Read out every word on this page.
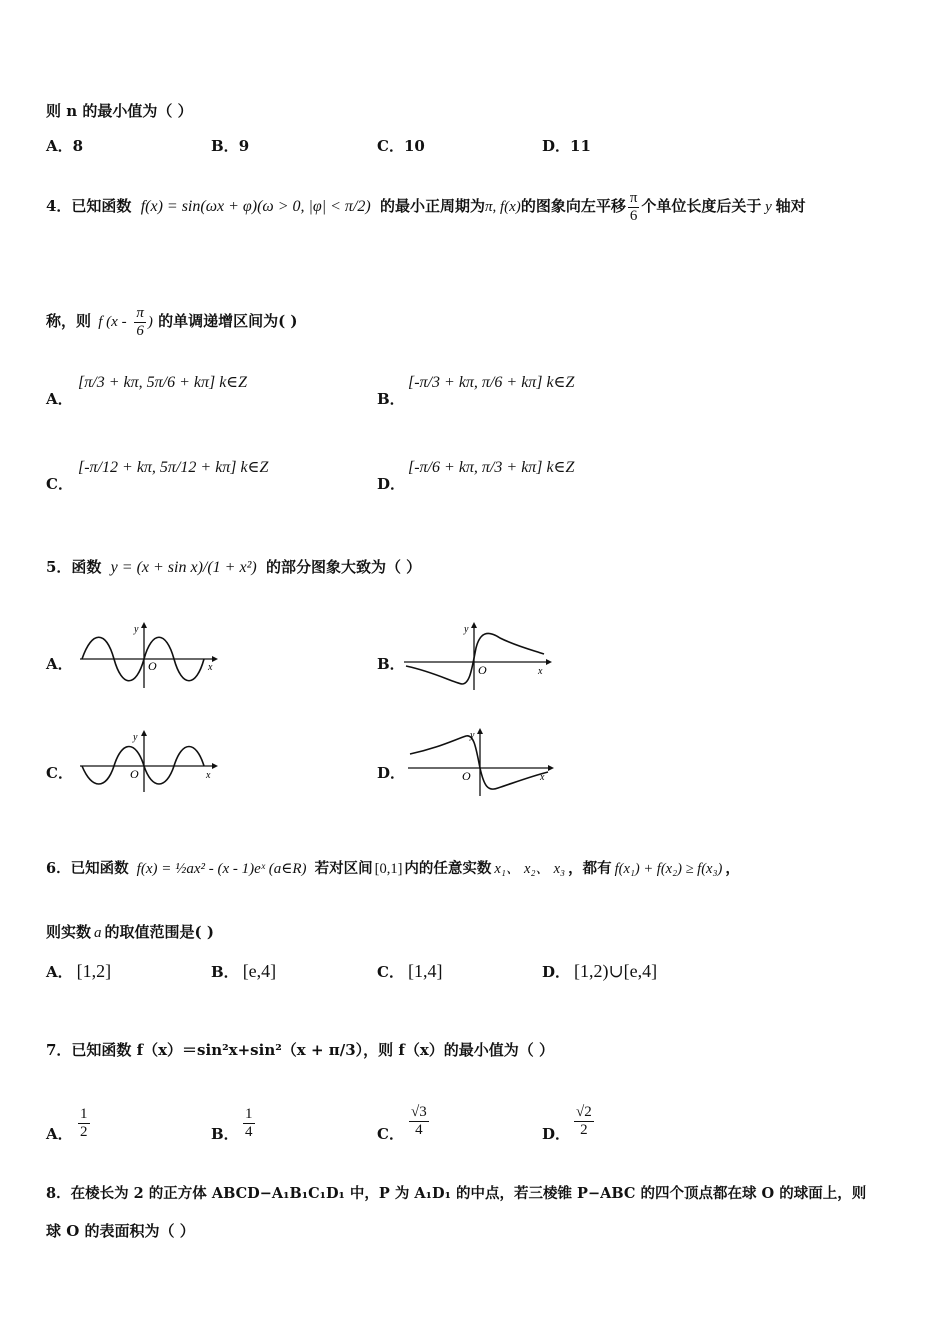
则 n 的最小值为（ ）
A．8	B．9	C．10	D．11
4．已知函数 f(x) = sin(ωx + φ)(ω > 0, |φ| < π/2) 的最小正周期为π, f(x)的图象向左平移 $\frac{\pi}{6}$ 个单位长度后关于 y 轴对
称，则 f ($x - \frac{\pi}{6}$ ) 的单调递增区间为( )
A．
[π/3 + kπ, 5π/6 + kπ] k∈Z
B．
[-π/3 + kπ, π/6 + kπ] k∈Z
C．
[-π/12 + kπ, 5π/12 + kπ] k∈Z
D．
[-π/6 + kπ, π/3 + kπ] k∈Z
5．函数 y = (x + sin x)/(1 + x²) 的部分图象大致为（ ）
A．
y
O	x	B．
y
O	x
C．
y
O	x	D．
y
O	x
6．已知函数 f(x) = ½ax² - (x - 1)eˣ (a∈R) 若对区间 [0,1] 内的任意实数 x₁、 x₂、 x₃ ，都有 f(x₁) + f(x₂) ≥ f(x₃) ，
则实数 a 的取值范围是( )
A． [1,2]	B． [e,4]	C． [1,4]	D． [1,2)∪[e,4]
7．已知函数 f（x）＝sin²x+sin²（x + π/3），则 f（x）的最小值为（ ）
A． $\frac{1}{2}$	B． $\frac{1}{4}$	C． $\frac{√3}{4}$	D． $\frac{√2}{2}$
8．在棱长为 2 的正方体 ABCD−A₁B₁C₁D₁ 中，P 为 A₁D₁ 的中点，若三棱锥 P−ABC 的四个顶点都在球 O 的球面上，则
球 O 的表面积为（ ）
